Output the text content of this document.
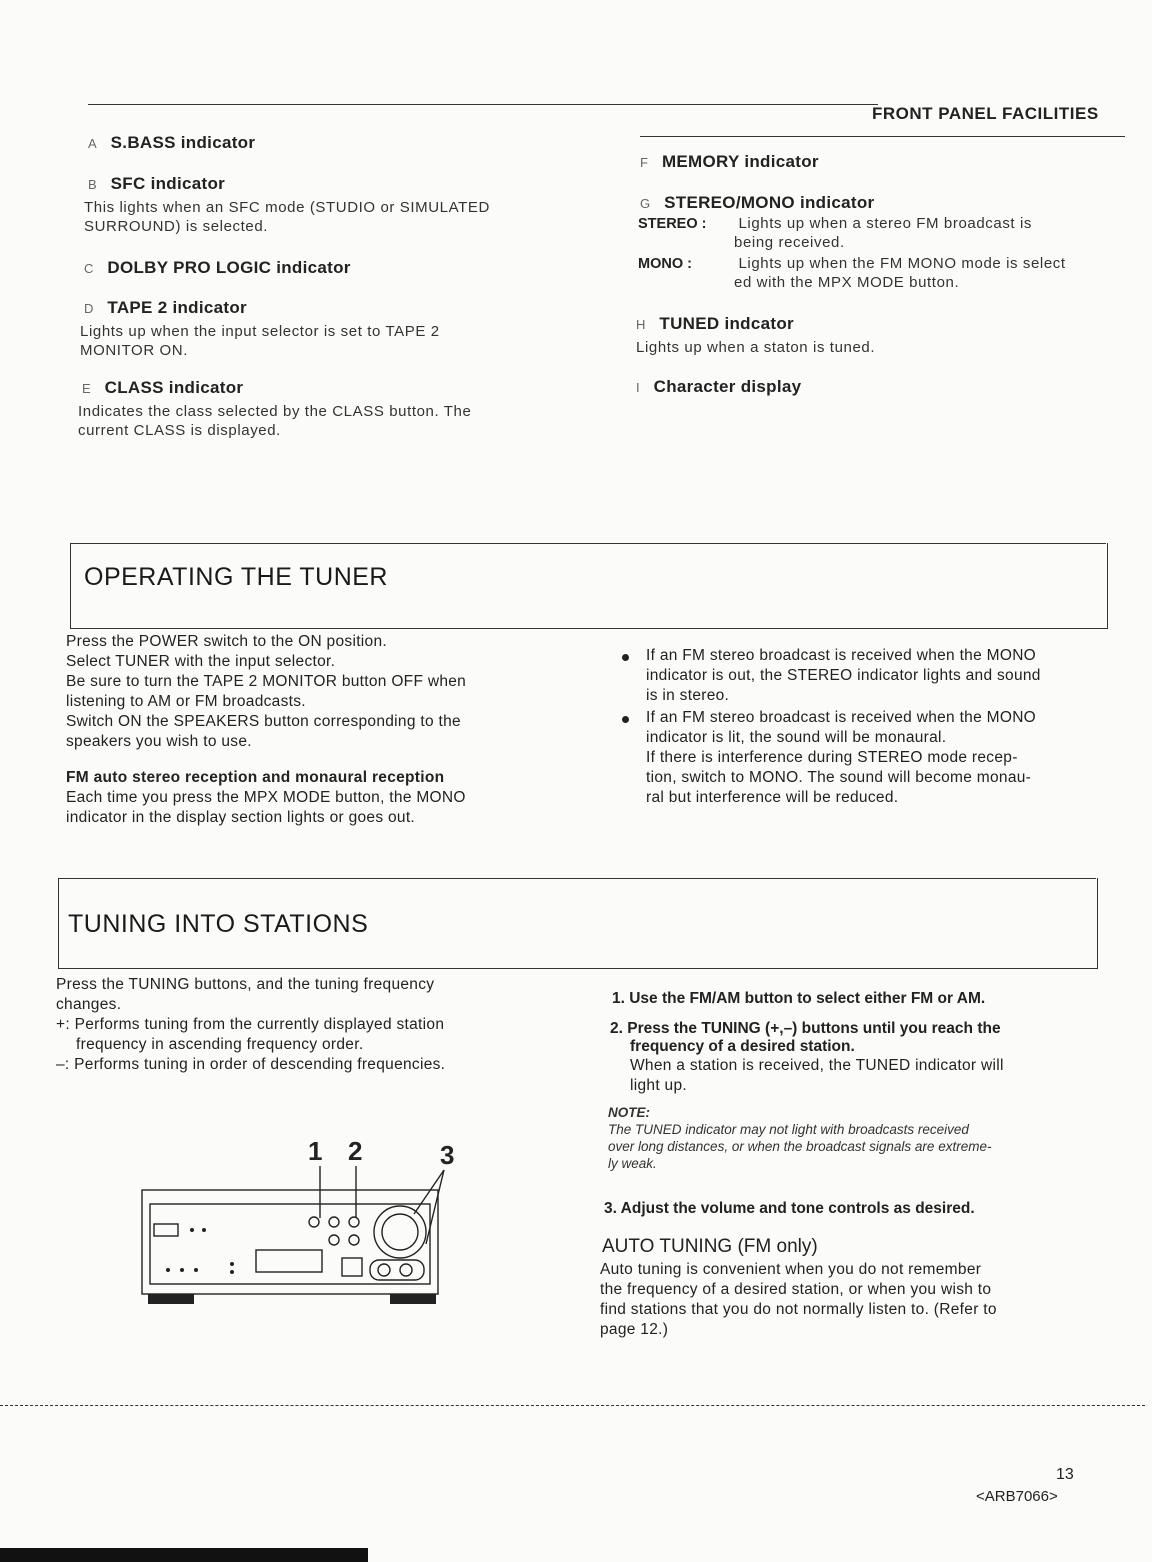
FRONT PANEL FACILITIES
A S.BASS indicator
B SFC indicator
This lights when an SFC mode (STUDIO or SIMULATED
SURROUND) is selected.
C DOLBY PRO LOGIC indicator
D TAPE 2 indicator
Lights up when the input selector is set to TAPE 2
MONITOR ON.
E CLASS indicator
Indicates the class selected by the CLASS button. The
current CLASS is displayed.
F MEMORY indicator
G STEREO/MONO indicator
STEREO : Lights up when a stereo FM broadcast is
being received.
MONO :	Lights up when the FM MONO mode is select
ed with the MPX MODE button.
H TUNED indcator
Lights up when a staton is tuned.
I Character display
OPERATING THE TUNER
Press the POWER switch to the ON position.
Select TUNER with the input selector.
Be sure to turn the TAPE 2 MONITOR button OFF when
listening to AM or FM broadcasts.
Switch ON the SPEAKERS button corresponding to the
speakers you wish to use.
FM auto stereo reception and monaural reception
Each time you press the MPX MODE button, the MONO
indicator in the display section lights or goes out.
If an FM stereo broadcast is received when the MONO
indicator is out, the STEREO indicator lights and sound
is in stereo.
If an FM stereo broadcast is received when the MONO
indicator is lit, the sound will be monaural.
If there is interference during STEREO mode recep-
tion, switch to MONO. The sound will become monau-
ral but interference will be reduced.
TUNING INTO STATIONS
Press the TUNING buttons, and the tuning frequency
changes.
+: Performs tuning from the currently displayed station
frequency in ascending frequency order.
–: Performs tuning in order of descending frequencies.
1 2	3
1. Use the FM/AM button to select either FM or AM.
2. Press the TUNING (+,–) buttons until you reach the
frequency of a desired station.
When a station is received, the TUNED indicator will
light up.
NOTE:
The TUNED indicator may not light with broadcasts received
over long distances, or when the broadcast signals are extreme-
ly weak.
3. Adjust the volume and tone controls as desired.
AUTO TUNING (FM only)
Auto tuning is convenient when you do not remember
the frequency of a desired station, or when you wish to
find stations that you do not normally listen to. (Refer to
page 12.)
13
<ARB7066>
